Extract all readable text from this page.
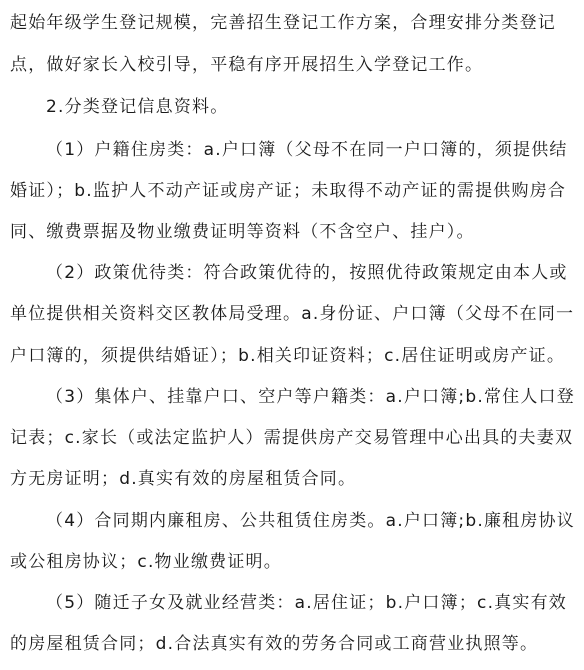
起始年级学生登记规模，完善招生登记工作方案，合理安排分类登记
点，做好家长入校引导，平稳有序开展招生入学登记工作。
2.分类登记信息资料。
（1）户籍住房类：a.户口簿（父母不在同一户口簿的，须提供结
婚证）；b.监护人不动产证或房产证；未取得不动产证的需提供购房合
同、缴费票据及物业缴费证明等资料（不含空户、挂户）。
（2）政策优待类：符合政策优待的，按照优待政策规定由本人或
单位提供相关资料交区教体局受理。a.身份证、户口簿（父母不在同一
户口簿的，须提供结婚证）；b.相关印证资料；c.居住证明或房产证。
（3）集体户、挂靠户口、空户等户籍类：a.户口簿;b.常住人口登
记表；c.家长（或法定监护人）需提供房产交易管理中心出具的夫妻双
方无房证明；d.真实有效的房屋租赁合同。
（4）合同期内廉租房、公共租赁住房类。a.户口簿;b.廉租房协议
或公租房协议；c.物业缴费证明。
（5）随迁子女及就业经营类：a.居住证；b.户口簿；c.真实有效
的房屋租赁合同；d.合法真实有效的劳务合同或工商营业执照等。
